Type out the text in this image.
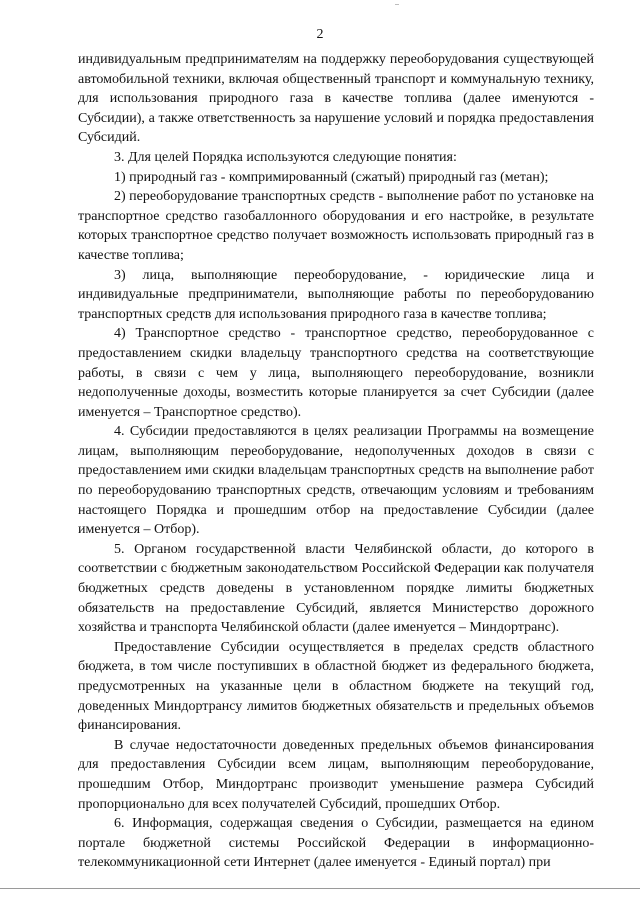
2

индивидуальным предпринимателям на поддержку переоборудования существующей автомобильной техники, включая общественный транспорт и коммунальную технику, для использования природного газа в качестве топлива (далее именуются - Субсидии), а также ответственность за нарушение условий и порядка предоставления Субсидий.

3. Для целей Порядка используются следующие понятия:

1) природный газ - компримированный (сжатый) природный газ (метан);

2) переоборудование транспортных средств - выполнение работ по установке на транспортное средство газобаллонного оборудования и его настройке, в результате которых транспортное средство получает возможность использовать природный газ в качестве топлива;

3) лица, выполняющие переоборудование, - юридические лица и индивидуальные предприниматели, выполняющие работы по переоборудованию транспортных средств для использования природного газа в качестве топлива;

4) Транспортное средство - транспортное средство, переоборудованное с предоставлением скидки владельцу транспортного средства на соответствующие работы, в связи с чем у лица, выполняющего переоборудование, возникли недополученные доходы, возместить которые планируется за счет Субсидии (далее именуется – Транспортное средство).

4. Субсидии предоставляются в целях реализации Программы на возмещение лицам, выполняющим переоборудование, недополученных доходов в связи с предоставлением ими скидки владельцам транспортных средств на выполнение работ по переоборудованию транспортных средств, отвечающим условиям и требованиям настоящего Порядка и прошедшим отбор на предоставление Субсидии (далее именуется – Отбор).

5. Органом государственной власти Челябинской области, до которого в соответствии с бюджетным законодательством Российской Федерации как получателя бюджетных средств доведены в установленном порядке лимиты бюджетных обязательств на предоставление Субсидий, является Министерство дорожного хозяйства и транспорта Челябинской области (далее именуется – Миндортранс).

Предоставление Субсидии осуществляется в пределах средств областного бюджета, в том числе поступивших в областной бюджет из федерального бюджета, предусмотренных на указанные цели в областном бюджете на текущий год, доведенных Миндортрансу лимитов бюджетных обязательств и предельных объемов финансирования.

В случае недостаточности доведенных предельных объемов финансирования для предоставления Субсидии всем лицам, выполняющим переоборудование, прошедшим Отбор, Миндортранс производит уменьшение размера Субсидий пропорционально для всех получателей Субсидий, прошедших Отбор.

6. Информация, содержащая сведения о Субсидии, размещается на едином портале бюджетной системы Российской Федерации в информационно-телекоммуникационной сети Интернет (далее именуется - Единый портал) при
